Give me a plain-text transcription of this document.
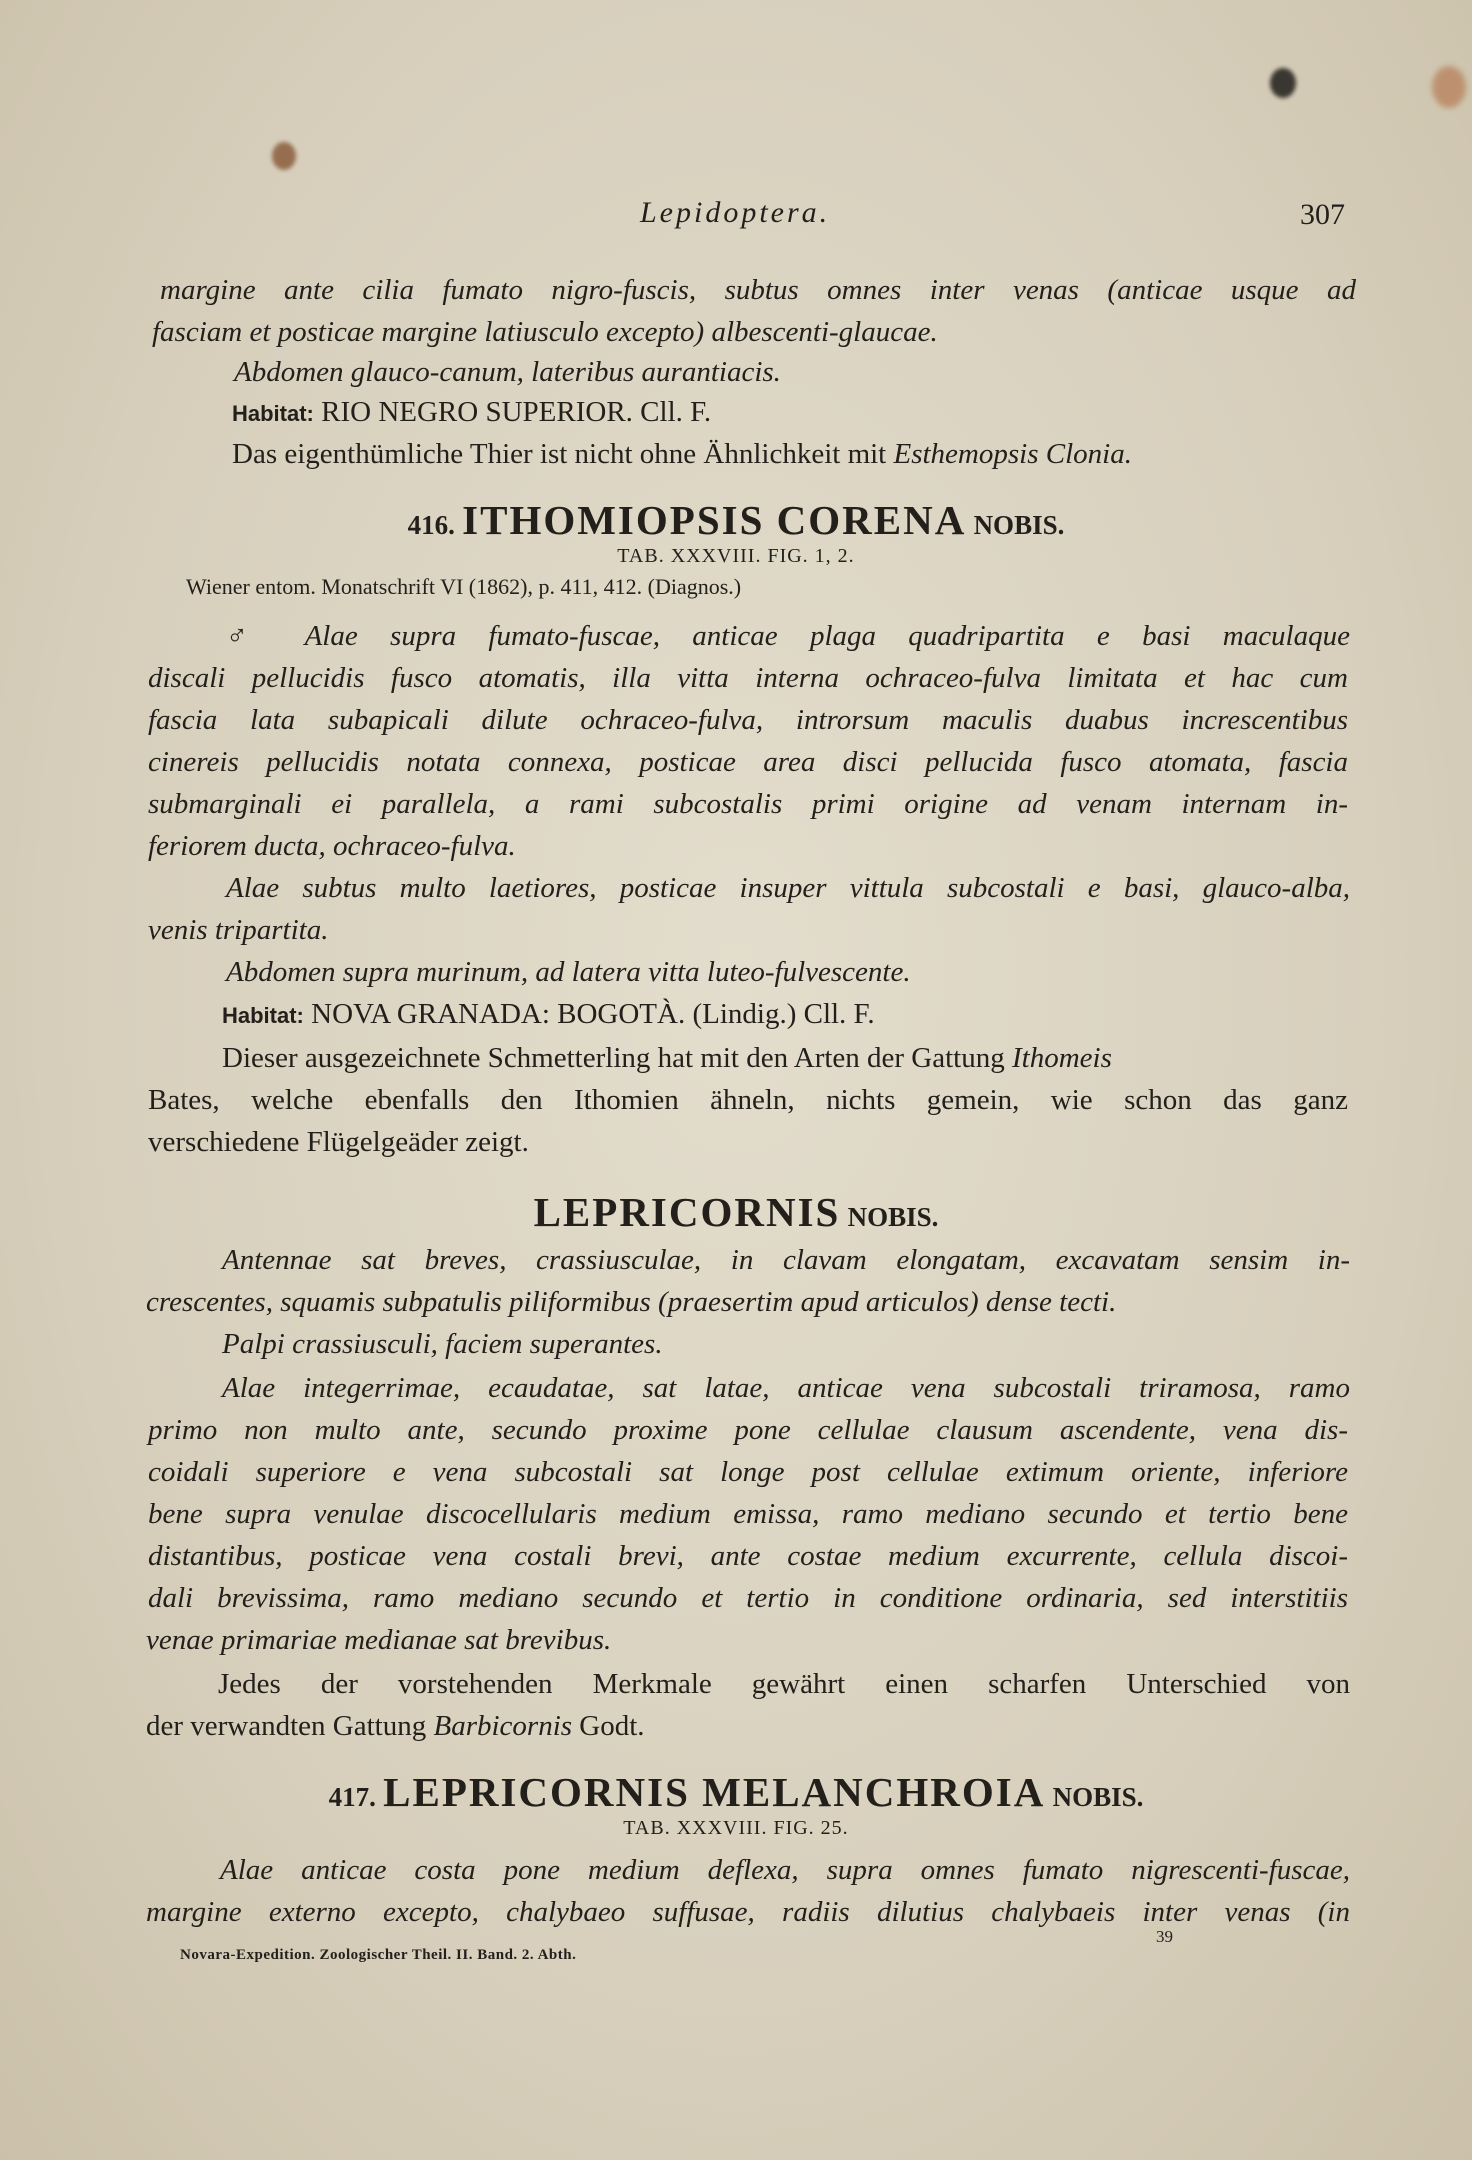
Lepidoptera.	307
margine ante cilia fumato nigro-fuscis, subtus omnes inter venas (anticae usque ad
fasciam et posticae margine latiusculo excepto) albescenti-glaucae.
Abdomen glauco-canum, lateribus aurantiacis.
Habitat: RIO NEGRO SUPERIOR. Cll. F.
Das eigenthümliche Thier ist nicht ohne Ähnlichkeit mit Esthemopsis Clonia.
416. ITHOMIOPSIS CORENA NOBIS.
TAB. XXXVIII. FIG. 1, 2.
Wiener entom. Monatschrift VI (1862), p. 411, 412. (Diagnos.)
♂ Alae supra fumato-fuscae, anticae plaga quadripartita e basi maculaque
discali pellucidis fusco atomatis, illa vitta interna ochraceo-fulva limitata et hac cum
fascia lata subapicali dilute ochraceo-fulva, introrsum maculis duabus increscentibus
cinereis pellucidis notata connexa, posticae area disci pellucida fusco atomata, fascia
submarginali ei parallela, a rami subcostalis primi origine ad venam internam in-
feriorem ducta, ochraceo-fulva.
Alae subtus multo laetiores, posticae insuper vittula subcostali e basi, glauco-alba,
venis tripartita.
Abdomen supra murinum, ad latera vitta luteo-fulvescente.
Habitat: NOVA GRANADA: BOGOTÀ. (Lindig.) Cll. F.
Dieser ausgezeichnete Schmetterling hat mit den Arten der Gattung Ithomeis
Bates, welche ebenfalls den Ithomien ähneln, nichts gemein, wie schon das ganz
verschiedene Flügelgeäder zeigt.
LEPRICORNIS NOBIS.
Antennae sat breves, crassiusculae, in clavam elongatam, excavatam sensim in-
crescentes, squamis subpatulis piliformibus (praesertim apud articulos) dense tecti.
Palpi crassiusculi, faciem superantes.
Alae integerrimae, ecaudatae, sat latae, anticae vena subcostali triramosa, ramo
primo non multo ante, secundo proxime pone cellulae clausum ascendente, vena dis-
coidali superiore e vena subcostali sat longe post cellulae extimum oriente, inferiore
bene supra venulae discocellularis medium emissa, ramo mediano secundo et tertio bene
distantibus, posticae vena costali brevi, ante costae medium excurrente, cellula discoi-
dali brevissima, ramo mediano secundo et tertio in conditione ordinaria, sed interstitiis
venae primariae medianae sat brevibus.
Jedes der vorstehenden Merkmale gewährt einen scharfen Unterschied von
der verwandten Gattung Barbicornis Godt.
417. LEPRICORNIS MELANCHROIA NOBIS.
TAB. XXXVIII. FIG. 25.
Alae anticae costa pone medium deflexa, supra omnes fumato nigrescenti-fuscae,
margine externo excepto, chalybaeo suffusae, radiis dilutius chalybaeis inter venas (in
39
Novara-Expedition. Zoologischer Theil. II. Band. 2. Abth.
